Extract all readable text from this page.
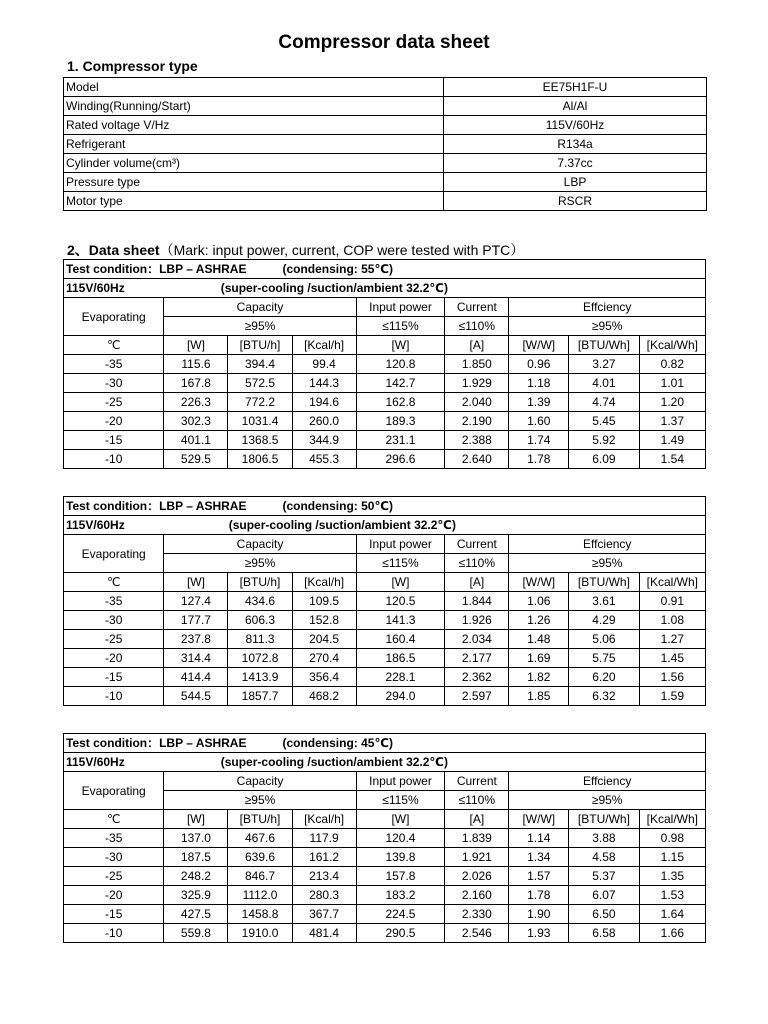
Compressor data sheet
1. Compressor type
Model	EE75H1F-U
Winding(Running/Start)	Al/Al
Rated voltage V/Hz	115V/60Hz
Refrigerant	R134a
Cylinder volume(cm³)	7.37cc
Pressure type	LBP
Motor type	RSCR
2、Data sheet（Mark: input power, current, COP were tested with PTC）
Test condition：LBP – ASHRAE (condensing: 55℃)								
115V/60Hz (super-cooling /suction/ambient 32.2℃)								
Evaporating	Capacity			Input power	Current	Effciency		
	≥95%			≤115%	≤110%	≥95%		
℃	[W]	[BTU/h]	[Kcal/h]	[W]	[A]	[W/W]	[BTU/Wh]	[Kcal/Wh]
-35	115.6	394.4	99.4	120.8	1.850	0.96	3.27	0.82
-30	167.8	572.5	144.3	142.7	1.929	1.18	4.01	1.01
-25	226.3	772.2	194.6	162.8	2.040	1.39	4.74	1.20
-20	302.3	1031.4	260.0	189.3	2.190	1.60	5.45	1.37
-15	401.1	1368.5	344.9	231.1	2.388	1.74	5.92	1.49
-10	529.5	1806.5	455.3	296.6	2.640	1.78	6.09	1.54
Test condition：LBP – ASHRAE (condensing: 50℃)								
115V/60Hz (super-cooling /suction/ambient 32.2℃)								
Evaporating	Capacity			Input power	Current	Effciency		
	≥95%			≤115%	≤110%	≥95%		
℃	[W]	[BTU/h]	[Kcal/h]	[W]	[A]	[W/W]	[BTU/Wh]	[Kcal/Wh]
-35	127.4	434.6	109.5	120.5	1.844	1.06	3.61	0.91
-30	177.7	606.3	152.8	141.3	1.926	1.26	4.29	1.08
-25	237.8	811.3	204.5	160.4	2.034	1.48	5.06	1.27
-20	314.4	1072.8	270.4	186.5	2.177	1.69	5.75	1.45
-15	414.4	1413.9	356.4	228.1	2.362	1.82	6.20	1.56
-10	544.5	1857.7	468.2	294.0	2.597	1.85	6.32	1.59
Test condition：LBP – ASHRAE (condensing: 45℃)								
115V/60Hz (super-cooling /suction/ambient 32.2℃)								
Evaporating	Capacity			Input power	Current	Effciency		
	≥95%			≤115%	≤110%	≥95%		
℃	[W]	[BTU/h]	[Kcal/h]	[W]	[A]	[W/W]	[BTU/Wh]	[Kcal/Wh]
-35	137.0	467.6	117.9	120.4	1.839	1.14	3.88	0.98
-30	187.5	639.6	161.2	139.8	1.921	1.34	4.58	1.15
-25	248.2	846.7	213.4	157.8	2.026	1.57	5.37	1.35
-20	325.9	1112.0	280.3	183.2	2.160	1.78	6.07	1.53
-15	427.5	1458.8	367.7	224.5	2.330	1.90	6.50	1.64
-10	559.8	1910.0	481.4	290.5	2.546	1.93	6.58	1.66
